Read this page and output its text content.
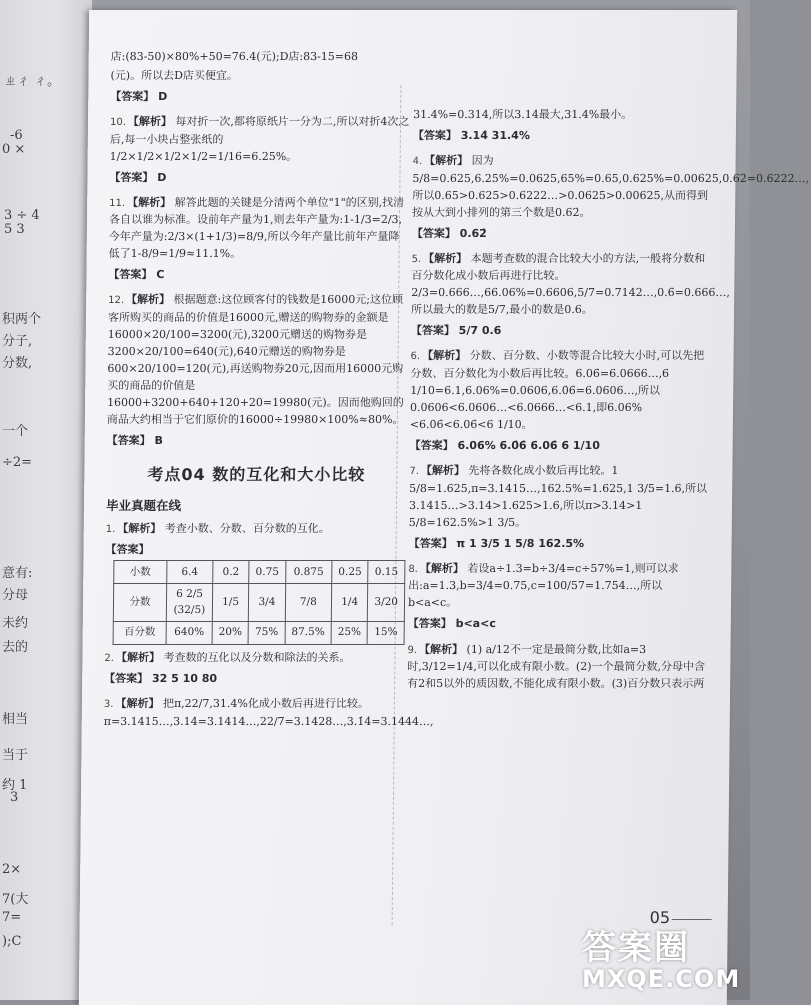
ㄓㄔ ㄔ。
-6
0 ×
3 ÷ 4
5 3
积两个
分子,
分数,
一个
÷2=
意有:
分母
未约
去的
相当
当于
约 1
3
2×
7(大
7=
);C

店:(83-50)×80%+50=76.4(元);D店:83-15=68

(元)。所以去D店买便宜。

【答案】 D

10. 【解析】 每对折一次,都将原纸片一分为二,所以对折4次之后,每一小块占整张纸的 1/2×1/2×1/2×1/2=1/16=6.25%。

【答案】 D

11. 【解析】 解答此题的关键是分清两个单位"1"的区别,找清各自以谁为标准。设前年产量为1,则去年产量为:1-1/3=2/3,今年产量为:2/3×(1+1/3)=8/9,所以今年产量比前年产量降低了1-8/9=1/9≈11.1%。

【答案】 C

12. 【解析】 根据题意:这位顾客付的钱数是16000元;这位顾客所购买的商品的价值是16000元,赠送的购物券的金额是16000×20/100=3200(元),3200元赠送的购物券是3200×20/100=640(元),640元赠送的购物券是600×20/100=120(元),再送购物券20元,因而用16000元购买的商品的价值是16000+3200+640+120+20=19980(元)。因而他购回的商品大约相当于它们原价的16000÷19980×100%≈80%。

【答案】 B

考点04 数的互化和大小比较
毕业真题在线

1. 【解析】 考查小数、分数、百分数的互化。

【答案】

小数	6.4	0.2	0.75	0.875	0.25	0.15
分数	6 2/5 (32/5)	1/5	3/4	7/8	1/4	3/20
百分数	640%	20%	75%	87.5%	25%	15%

2. 【解析】 考查数的互化以及分数和除法的关系。

【答案】 32 5 10 80

3. 【解析】 把π,22/7,31.4%化成小数后再进行比较。π=3.1415…,3.14̇=3.1414…,22/7=3.1428…,3.1̇4̇=3.1444…,

31.4%=0.314,所以3.14̇最大,31.4%最小。

【答案】 3.14̇ 31.4%

4. 【解析】 因为5/8=0.625,6.25%=0.0625,65%=0.65,0.625%=0.00625,0.62̇=0.6222…,所以0.65>0.625>0.6222…>0.0625>0.00625,从而得到按从大到小排列的第三个数是0.62̇。

【答案】 0.62̇

5. 【解析】 本题考查数的混合比较大小的方法,一般将分数和百分数化成小数后再进行比较。2/3=0.666…,66.06%=0.6606,5/7=0.7142…,0.6̇=0.666…,所以最大的数是5/7,最小的数是0.6。

【答案】 5/7 0.6

6. 【解析】 分数、百分数、小数等混合比较大小时,可以先把分数、百分数化为小数后再比较。6.06̇=6.0666…,6 1/10=6.1,6.06%=0.0606,6.0̇6̇=6.0606…,所以0.0606<6.0606…<6.0666…<6.1,即6.06%<6.0̇6̇<6.06̇<6 1/10。

【答案】 6.06% 6.0̇6̇ 6.06̇ 6 1/10

7. 【解析】 先将各数化成小数后再比较。1 5/8=1.625,π=3.1415…,162.5%=1.625,1 3/5=1.6,所以3.1415…>3.14>1.625>1.6,所以π>3.14>1 5/8=162.5%>1 3/5。

【答案】 π 1 3/5 1 5/8 162.5%

8. 【解析】 若设a÷1.3=b÷3/4=c÷57%=1,则可以求出:a=1.3,b=3/4=0.75,c=100/57=1.754…,所以b<a<c。

【答案】 b<a<c

9. 【解析】 (1) a/12不一定是最简分数,比如a=3时,3/12=1/4,可以化成有限小数。(2)一个最简分数,分母中含有2和5以外的质因数,不能化成有限小数。(3)百分数只表示两

05
答案圈
MXQE.COM
